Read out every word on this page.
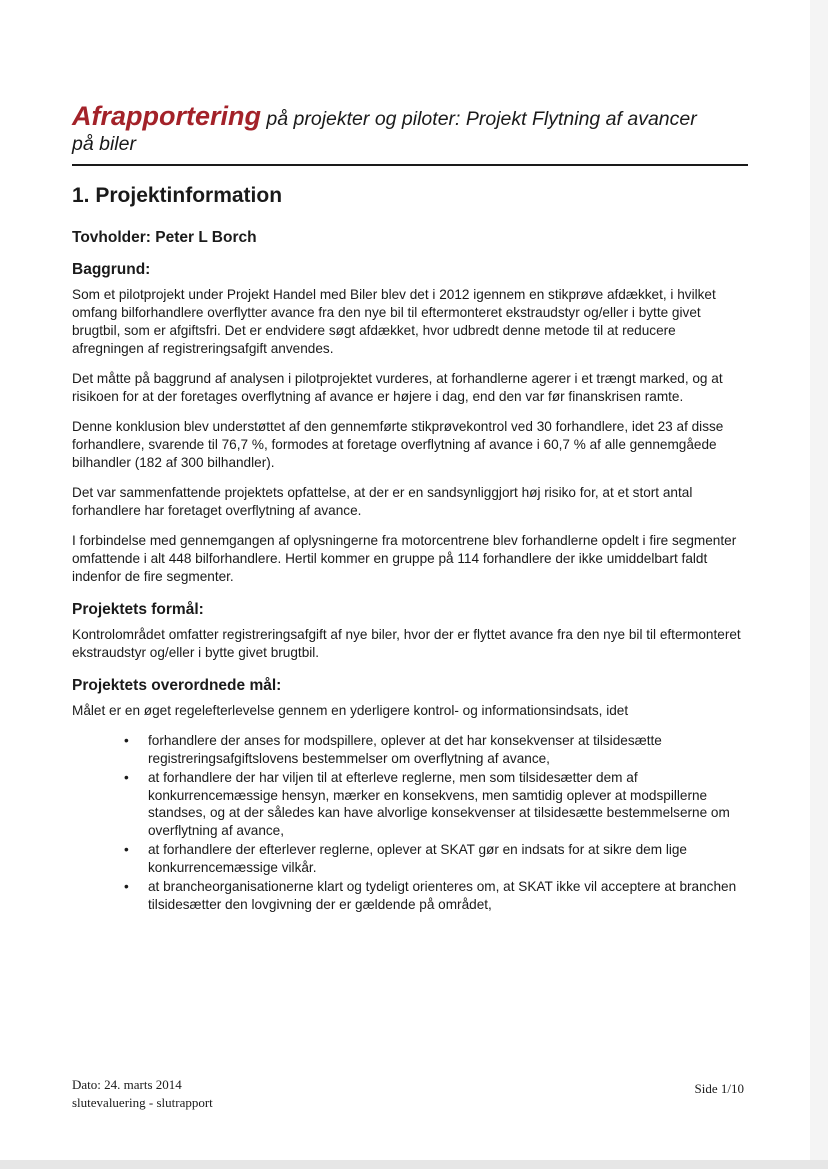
Afrapportering på projekter og piloter: Projekt Flytning af avancer
på biler
1. Projektinformation
Tovholder: Peter L Borch
Baggrund:

Som et pilotprojekt under Projekt Handel med Biler blev det i 2012 igennem en stikprøve afdækket, i hvilket omfang bilforhandlere overflytter avance fra den nye bil til eftermonteret ekstraudstyr og/eller i bytte givet brugtbil, som er afgiftsfri. Det er endvidere søgt afdækket, hvor udbredt denne metode til at reducere afregningen af registreringsafgift anvendes.

Det måtte på baggrund af analysen i pilotprojektet vurderes, at forhandlerne agerer i et trængt marked, og at risikoen for at der foretages overflytning af avance er højere i dag, end den var før finanskrisen ramte.

Denne konklusion blev understøttet af den gennemførte stikprøvekontrol ved 30 forhandlere, idet 23 af disse forhandlere, svarende til 76,7 %, formodes at foretage overflytning af avance i 60,7 % af alle gennemgåede bilhandler (182 af 300 bilhandler).

Det var sammenfattende projektets opfattelse, at der er en sandsynliggjort høj risiko for, at et stort antal forhandlere har foretaget overflytning af avance.

I forbindelse med gennemgangen af oplysningerne fra motorcentrene blev forhandlerne opdelt i fire segmenter omfattende i alt 448 bilforhandlere. Hertil kommer en gruppe på 114 forhandlere der ikke umiddelbart faldt indenfor de fire segmenter.

Projektets formål:

Kontrolområdet omfatter registreringsafgift af nye biler, hvor der er flyttet avance fra den nye bil til eftermonteret ekstraudstyr og/eller i bytte givet brugtbil.

Projektets overordnede mål:

Målet er en øget regelefterlevelse gennem en yderligere kontrol- og informationsindsats, idet

• forhandlere der anses for modspillere, oplever at det har konsekvenser at tilsidesætte registreringsafgiftslovens bestemmelser om overflytning af avance,
• at forhandlere der har viljen til at efterleve reglerne, men som tilsidesætter dem af konkurrencemæssige hensyn, mærker en konsekvens, men samtidig oplever at modspillerne standses, og at der således kan have alvorlige konsekvenser at tilsidesætte bestemmelserne om overflytning af avance,
• at forhandlere der efterlever reglerne, oplever at SKAT gør en indsats for at sikre dem lige konkurrencemæssige vilkår.
• at brancheorganisationerne klart og tydeligt orienteres om, at SKAT ikke vil acceptere at branchen tilsidesætter den lovgivning der er gældende på området,
Dato: 24. marts 2014
slutevaluering - slutrapport
Side 1/10
